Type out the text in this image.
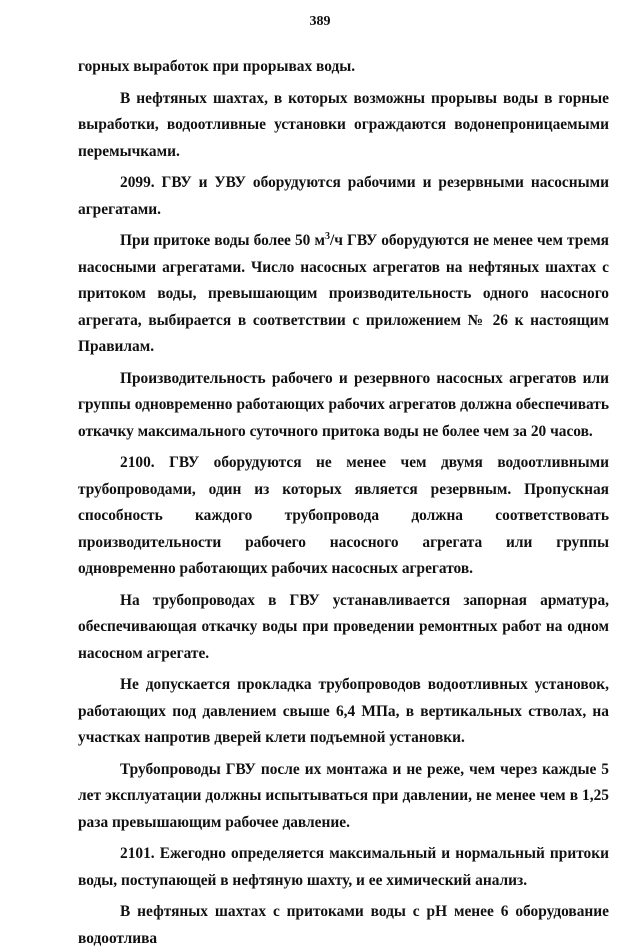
389

горных выработок при прорывах воды.

В нефтяных шахтах, в которых возможны прорывы воды в горные выработки, водоотливные установки ограждаются водонепроницаемыми перемычками.

2099. ГВУ и УВУ оборудуются рабочими и резервными насосными агрегатами.

При притоке воды более 50 $м^3/ч$ ГВУ оборудуются не менее чем тремя насосными агрегатами. Число насосных агрегатов на нефтяных шахтах с притоком воды, превышающим производительность одного насосного агрегата, выбирается в соответствии с приложением № 26 к настоящим Правилам.

Производительность рабочего и резервного насосных агрегатов или группы одновременно работающих рабочих агрегатов должна обеспечивать откачку максимального суточного притока воды не более чем за 20 часов.

2100. ГВУ оборудуются не менее чем двумя водоотливными трубопроводами, один из которых является резервным. Пропускная способность каждого трубопровода должна соответствовать производительности рабочего насосного агрегата или группы одновременно работающих рабочих насосных агрегатов.

На трубопроводах в ГВУ устанавливается запорная арматура, обеспечивающая откачку воды при проведении ремонтных работ на одном насосном агрегате.

Не допускается прокладка трубопроводов водоотливных установок, работающих под давлением свыше 6,4 МПа, в вертикальных стволах, на участках напротив дверей клети подъемной установки.

Трубопроводы ГВУ после их монтажа и не реже, чем через каждые 5 лет эксплуатации должны испытываться при давлении, не менее чем в 1,25 раза превышающим рабочее давление.

2101. Ежегодно определяется максимальный и нормальный притоки воды, поступающей в нефтяную шахту, и ее химический анализ.

В нефтяных шахтах с притоками воды с pH менее 6 оборудование водоотлива
